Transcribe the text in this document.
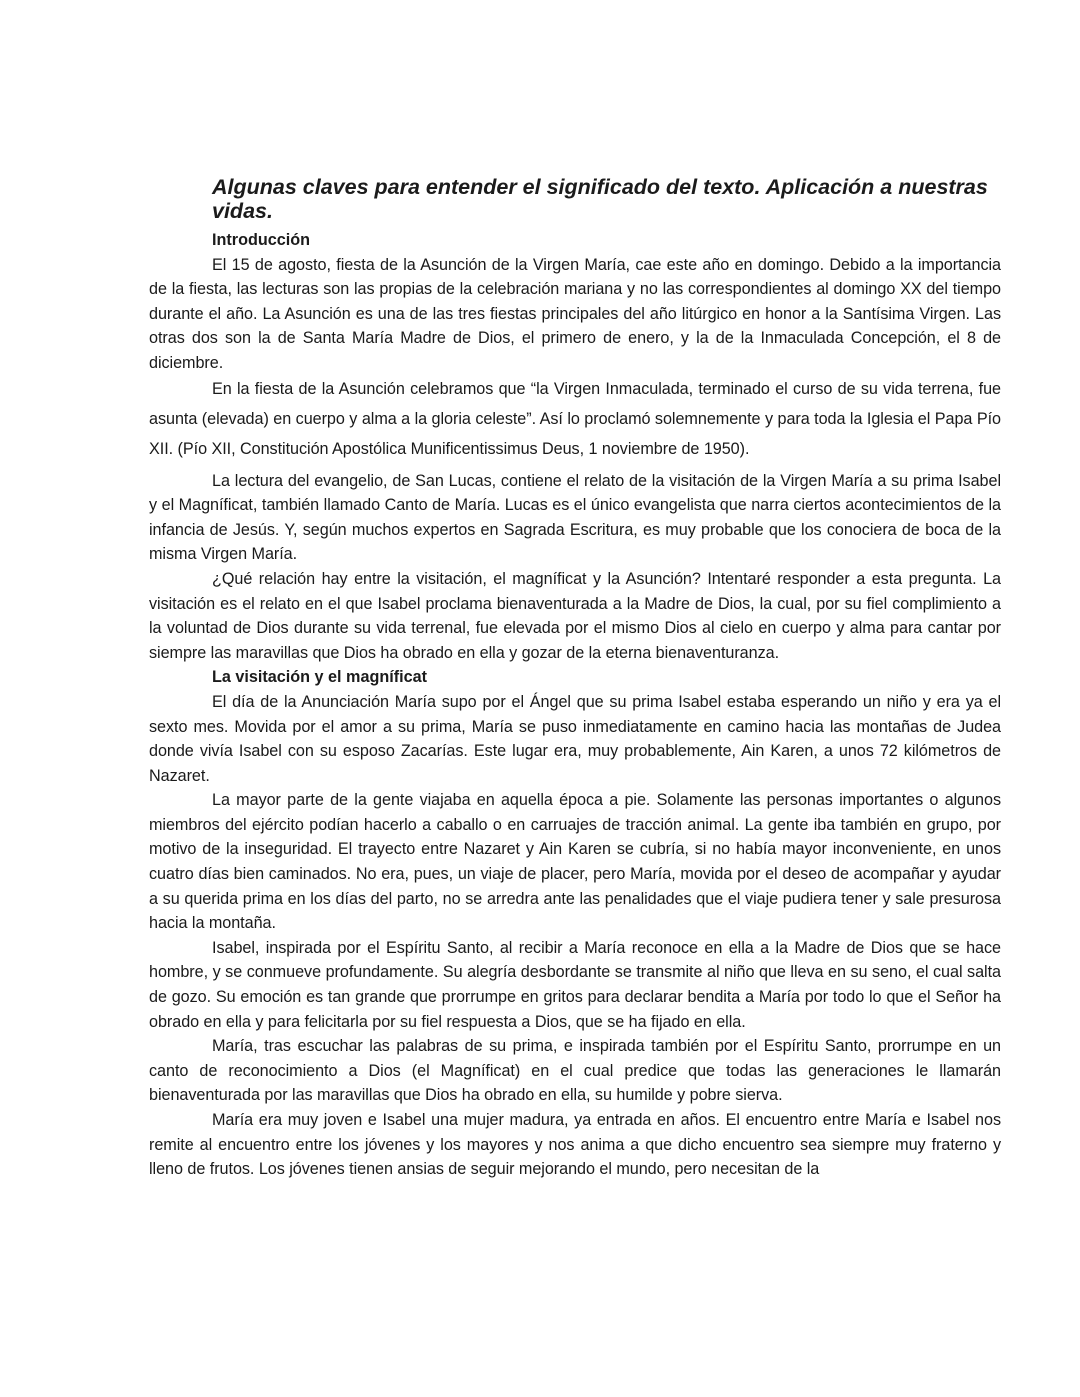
Algunas claves para entender el significado del texto. Aplicación a nuestras vidas.
Introducción

El 15 de agosto, fiesta de la Asunción de la Virgen María, cae este año en domingo. Debido a la importancia de la fiesta, las lecturas son las propias de la celebración mariana y no las correspondientes al domingo XX del tiempo durante el año. La Asunción es una de las tres fiestas principales del año litúrgico en honor a la Santísima Virgen. Las otras dos son la de Santa María Madre de Dios, el primero de enero, y la de la Inmaculada Concepción, el 8 de diciembre.

En la fiesta de la Asunción celebramos que “la Virgen Inmaculada, terminado el curso de su vida terrena, fue asunta (elevada) en cuerpo y alma a la gloria celeste”. Así lo proclamó solemnemente y para toda la Iglesia el Papa Pío XII. (Pío XII, Constitución Apostólica Munificentissimus Deus, 1 noviembre de 1950).

La lectura del evangelio, de San Lucas, contiene el relato de la visitación de la Virgen María a su prima Isabel y el Magníficat, también llamado Canto de María. Lucas es el único evangelista que narra ciertos acontecimientos de la infancia de Jesús. Y, según muchos expertos en Sagrada Escritura, es muy probable que los conociera de boca de la misma Virgen María.

¿Qué relación hay entre la visitación, el magníficat y la Asunción? Intentaré responder a esta pregunta. La visitación es el relato en el que Isabel proclama bienaventurada a la Madre de Dios, la cual, por su fiel complimiento a la voluntad de Dios durante su vida terrenal, fue elevada por el mismo Dios al cielo en cuerpo y alma para cantar por siempre las maravillas que Dios ha obrado en ella y gozar de la eterna bienaventuranza.

La visitación y el magníficat

El día de la Anunciación María supo por el Ángel que su prima Isabel estaba esperando un niño y era ya el sexto mes. Movida por el amor a su prima, María se puso inmediatamente en camino hacia las montañas de Judea donde vivía Isabel con su esposo Zacarías. Este lugar era, muy probablemente, Ain Karen, a unos 72 kilómetros de Nazaret.

La mayor parte de la gente viajaba en aquella época a pie. Solamente las personas importantes o algunos miembros del ejército podían hacerlo a caballo o en carruajes de tracción animal. La gente iba también en grupo, por motivo de la inseguridad. El trayecto entre Nazaret y Ain Karen se cubría, si no había mayor inconveniente, en unos cuatro días bien caminados. No era, pues, un viaje de placer, pero María, movida por el deseo de acompañar y ayudar a su querida prima en los días del parto, no se arredra ante las penalidades que el viaje pudiera tener y sale presurosa hacia la montaña.

Isabel, inspirada por el Espíritu Santo, al recibir a María reconoce en ella a la Madre de Dios que se hace hombre, y se conmueve profundamente. Su alegría desbordante se transmite al niño que lleva en su seno, el cual salta de gozo. Su emoción es tan grande que prorrumpe en gritos para declarar bendita a María por todo lo que el Señor ha obrado en ella y para felicitarla por su fiel respuesta a Dios, que se ha fijado en ella.

María, tras escuchar las palabras de su prima, e inspirada también por el Espíritu Santo, prorrumpe en un canto de reconocimiento a Dios (el Magníficat) en el cual predice que todas las generaciones le llamarán bienaventurada por las maravillas que Dios ha obrado en ella, su humilde y pobre sierva.

María era muy joven e Isabel una mujer madura, ya entrada en años. El encuentro entre María e Isabel nos remite al encuentro entre los jóvenes y los mayores y nos anima a que dicho encuentro sea siempre muy fraterno y lleno de frutos. Los jóvenes tienen ansias de seguir mejorando el mundo, pero necesitan de la
